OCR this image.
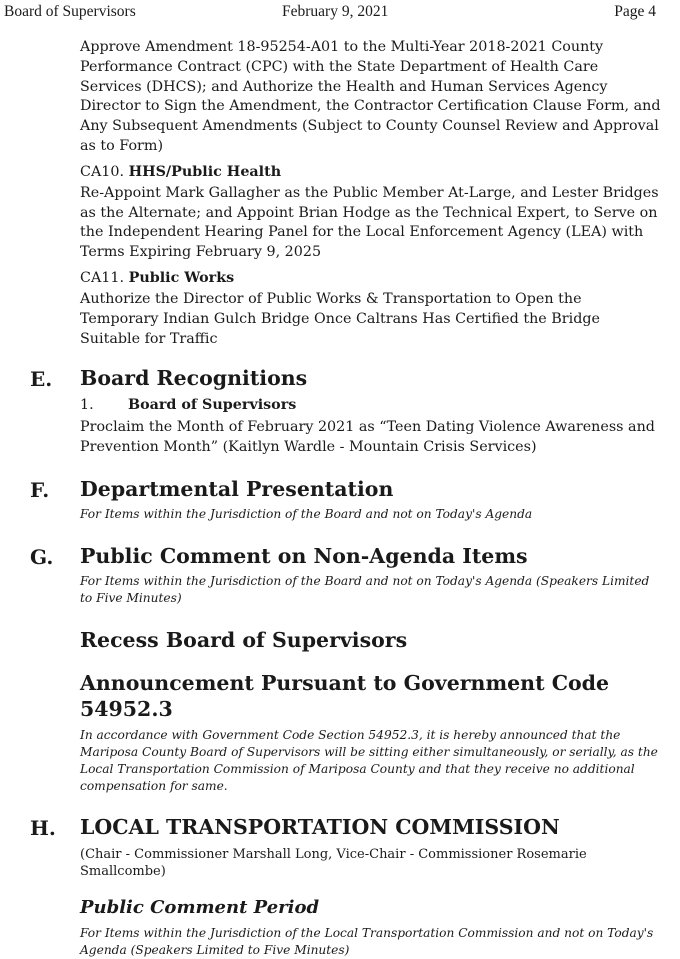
Board of Supervisors	February 9, 2021	Page 4

Approve Amendment 18-95254-A01 to the Multi-Year 2018-2021 County Performance Contract (CPC) with the State Department of Health Care Services (DHCS); and Authorize the Health and Human Services Agency Director to Sign the Amendment, the Contractor Certification Clause Form, and Any Subsequent Amendments (Subject to County Counsel Review and Approval as to Form)

CA10. HHS/Public Health

Re-Appoint Mark Gallagher as the Public Member At-Large, and Lester Bridges as the Alternate; and Appoint Brian Hodge as the Technical Expert, to Serve on the Independent Hearing Panel for the Local Enforcement Agency (LEA) with Terms Expiring February 9, 2025

CA11. Public Works

Authorize the Director of Public Works & Transportation to Open the Temporary Indian Gulch Bridge Once Caltrans Has Certified the Bridge Suitable for Traffic

E. Board Recognitions
1. Board of Supervisors

Proclaim the Month of February 2021 as “Teen Dating Violence Awareness and Prevention Month” (Kaitlyn Wardle - Mountain Crisis Services)

F. Departmental Presentation

For Items within the Jurisdiction of the Board and not on Today's Agenda

G. Public Comment on Non-Agenda Items

For Items within the Jurisdiction of the Board and not on Today's Agenda (Speakers Limited to Five Minutes)

Recess Board of Supervisors
Announcement Pursuant to Government Code 54952.3

In accordance with Government Code Section 54952.3, it is hereby announced that the Mariposa County Board of Supervisors will be sitting either simultaneously, or serially, as the Local Transportation Commission of Mariposa County and that they receive no additional compensation for same.

H. LOCAL TRANSPORTATION COMMISSION

(Chair - Commissioner Marshall Long, Vice-Chair - Commissioner Rosemarie Smallcombe)

Public Comment Period

For Items within the Jurisdiction of the Local Transportation Commission and not on Today's Agenda (Speakers Limited to Five Minutes)
